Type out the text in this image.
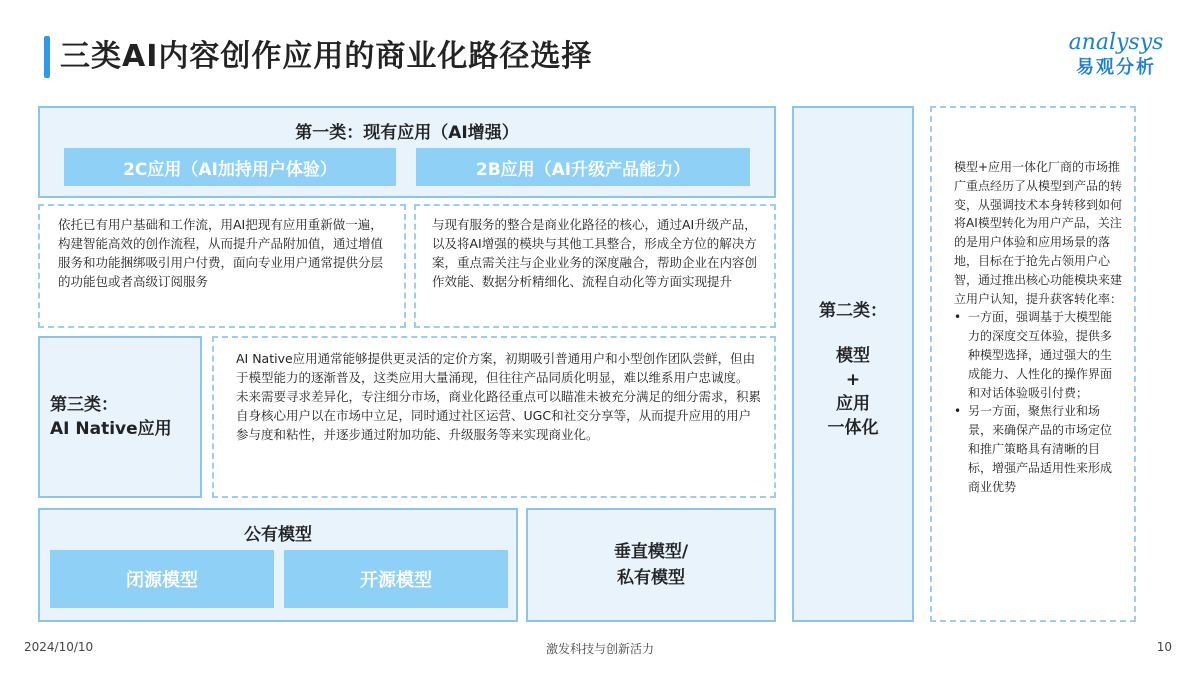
三类AI内容创作应用的商业化路径选择	analysys
易观分析
第一类：现有应用（AI增强）
2C应用（AI加持用户体验）	2B应用（AI升级产品能力）
依托已有用户基础和工作流，用AI把现有应用重新做一遍，构建智能高效的创作流程，从而提升产品附加值，通过增值服务和功能捆绑吸引用户付费，面向专业用户通常提供分层的功能包或者高级订阅服务
与现有服务的整合是商业化路径的核心，通过AI升级产品，以及将AI增强的模块与其他工具整合，形成全方位的解决方案，重点需关注与企业业务的深度融合，帮助企业在内容创作效能、数据分析精细化、流程自动化等方面实现提升
第三类：
AI Native应用
AI Native应用通常能够提供更灵活的定价方案，初期吸引普通用户和小型创作团队尝鲜，但由于模型能力的逐渐普及，这类应用大量涌现，但往往产品同质化明显，难以维系用户忠诚度。
未来需要寻求差异化，专注细分市场，商业化路径重点可以瞄准未被充分满足的细分需求，积累自身核心用户以在市场中立足，同时通过社区运营、UGC和社交分享等，从而提升应用的用户参与度和粘性，并逐步通过附加功能、升级服务等来实现商业化。
公有模型
闭源模型	开源模型
垂直模型/
私有模型
第二类：
模型
+
应用
一体化
模型+应用一体化厂商的市场推广重点经历了从模型到产品的转变，从强调技术本身转移到如何将AI模型转化为用户产品，关注的是用户体验和应用场景的落地，目标在于抢先占领用户心智，通过推出核心功能模块来建立用户认知，提升获客转化率：
• 一方面，强调基于大模型能力的深度交互体验，提供多种模型选择，通过强大的生成能力、人性化的操作界面和对话体验吸引付费；
• 另一方面，聚焦行业和场景，来确保产品的市场定位和推广策略具有清晰的目标，增强产品适用性来形成商业优势
2024/10/10	激发科技与创新活力	10
